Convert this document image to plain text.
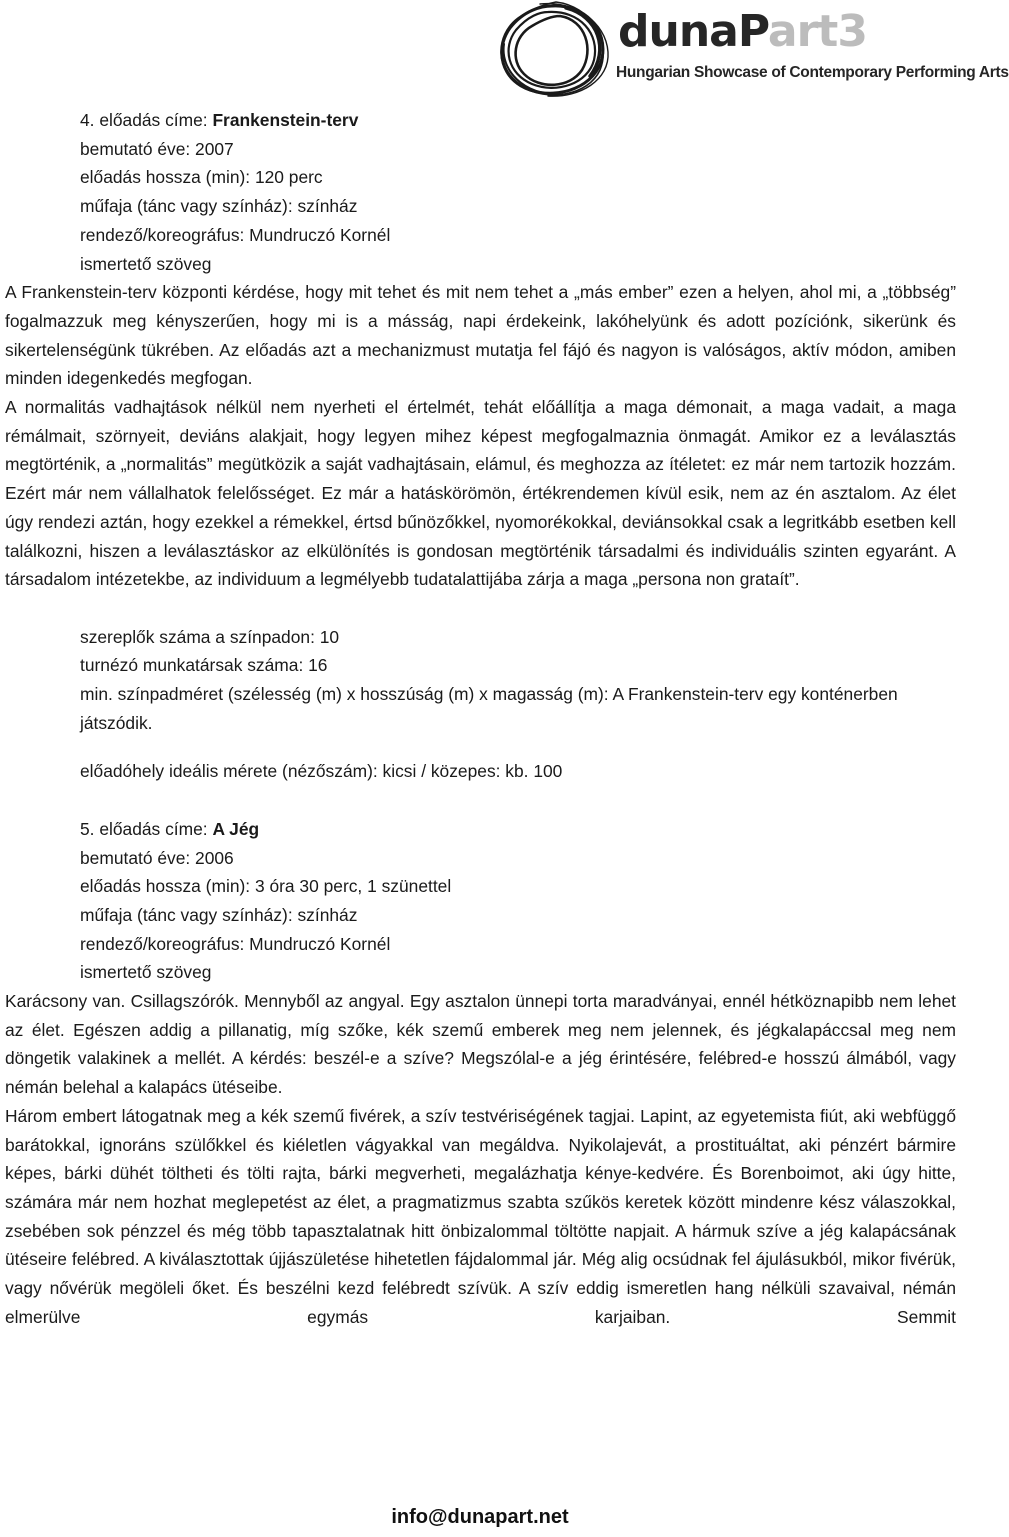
dunaPart3
Hungarian Showcase of Contemporary Performing Arts
4. előadás címe: Frankenstein-terv
bemutató éve: 2007
előadás hossza (min): 120 perc
műfaja (tánc vagy színház): színház
rendező/koreográfus: Mundruczó Kornél
ismertető szöveg
A Frankenstein-terv központi kérdése, hogy mit tehet és mit nem tehet a „más ember” ezen a helyen, ahol mi, a „többség” fogalmazzuk meg kényszerűen, hogy mi is a másság, napi érdekeink, lakóhelyünk és adott pozíciónk, sikerünk és sikertelenségünk tükrében. Az előadás azt a mechanizmust mutatja fel fájó és nagyon is valóságos, aktív módon, amiben minden idegenkedés megfogan.
A normalitás vadhajtások nélkül nem nyerheti el értelmét, tehát előállítja a maga démonait, a maga vadait, a maga rémálmait, szörnyeit, deviáns alakjait, hogy legyen mihez képest megfogalmaznia önmagát. Amikor ez a leválasztás megtörténik, a „normalitás” megütközik a saját vadhajtásain, elámul, és meghozza az ítéletet: ez már nem tartozik hozzám. Ezért már nem vállalhatok felelősséget. Ez már a hatáskörömön, értékrendemen kívül esik, nem az én asztalom. Az élet úgy rendezi aztán, hogy ezekkel a rémekkel, értsd bűnözőkkel, nyomorékokkal, deviánsokkal csak a legritkább esetben kell találkozni, hiszen a leválasztáskor az elkülönítés is gondosan megtörténik társadalmi és individuális szinten egyaránt. A társadalom intézetekbe, az individuum a legmélyebb tudatalattijába zárja a maga „persona non grataít”.
szereplők száma a színpadon: 10
turnézó munkatársak száma: 16
min. színpadméret (szélesség (m) x hosszúság (m) x magasság (m): A Frankenstein-terv egy konténerben játszódik.
előadóhely ideális mérete (nézőszám): kicsi / közepes: kb. 100
5. előadás címe: A Jég
bemutató éve: 2006
előadás hossza (min): 3 óra 30 perc, 1 szünettel
műfaja (tánc vagy színház): színház
rendező/koreográfus: Mundruczó Kornél
ismertető szöveg
Karácsony van. Csillagszórók. Mennyből az angyal. Egy asztalon ünnepi torta maradványai, ennél hétköznapibb nem lehet az élet. Egészen addig a pillanatig, míg szőke, kék szemű emberek meg nem jelennek, és jégkalapáccsal meg nem döngetik valakinek a mellét. A kérdés: beszél-e a szíve? Megszólal-e a jég érintésére, felébred-e hosszú álmából, vagy némán belehal a kalapács ütéseibe.
Három embert látogatnak meg a kék szemű fivérek, a szív testvériségének tagjai. Lapint, az egyetemista fiút, aki webfüggő barátokkal, ignoráns szülőkkel és kiéletlen vágyakkal van megáldva. Nyikolajevát, a prostituáltat, aki pénzért bármire képes, bárki dühét töltheti és tölti rajta, bárki megverheti, megalázhatja kénye-kedvére. És Borenboimot, aki úgy hitte, számára már nem hozhat meglepetést az élet, a pragmatizmus szabta szűkös keretek között mindenre kész válaszokkal, zsebében sok pénzzel és még több tapasztalatnak hitt önbizalommal töltötte napjait. A hármuk szíve a jég kalapácsának ütéseire felébred. A kiválasztottak újjászületése hihetetlen fájdalommal jár. Még alig ocsúdnak fel ájulásukból, mikor fivérük, vagy nővérük megöleli őket. És beszélni kezd felébredt szívük. A szív eddig ismeretlen hang nélküli szavaival, némán elmerülve egymás karjaiban. Semmit
info@dunapart.net
